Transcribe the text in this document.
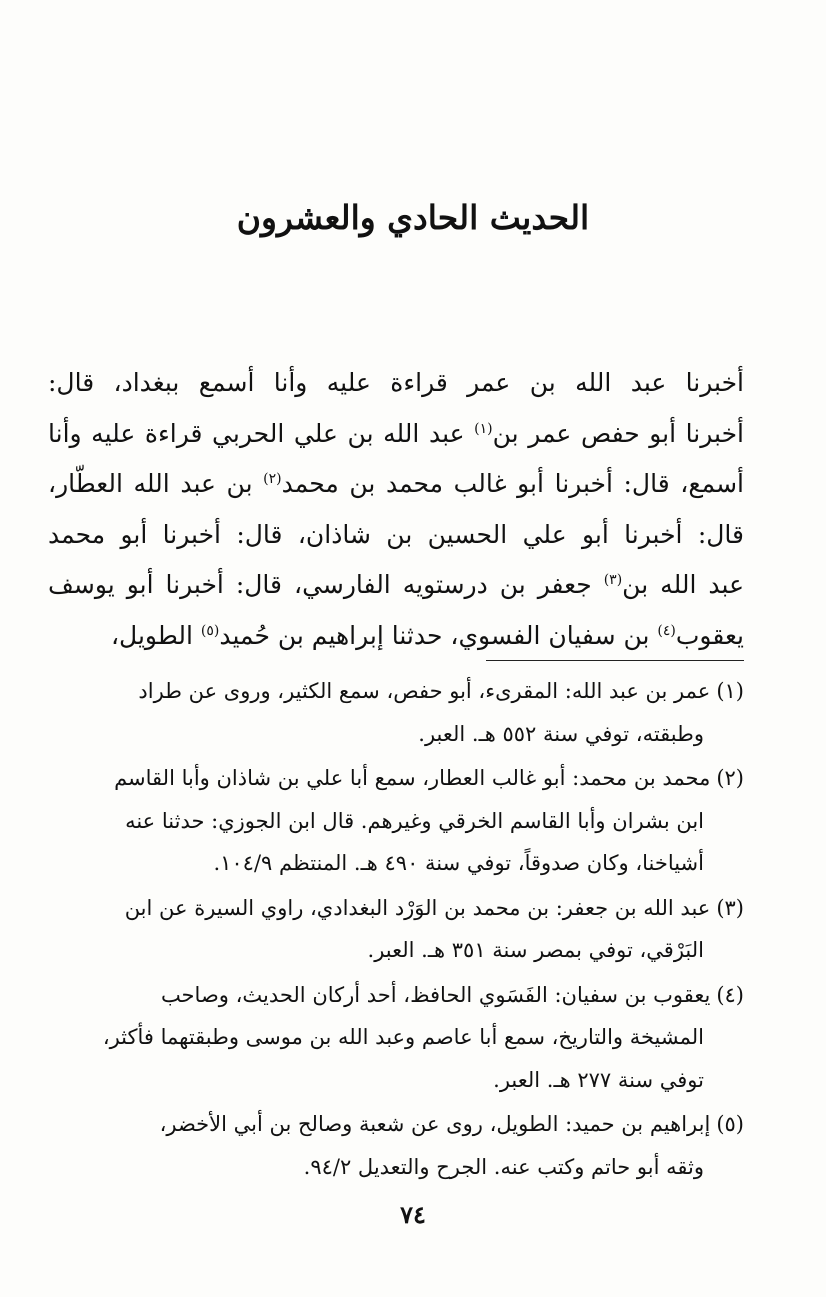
الحديث الحادي والعشرون
أخبرنا عبد الله بن عمر قراءة عليه وأنا أسمع ببغداد، قال:
أخبرنا أبو حفص عمر بن$^{(١)}$ عبد الله بن علي الحربي قراءة عليه وأنا
أسمع، قال: أخبرنا أبو غالب محمد بن محمد$^{(٢)}$ بن عبد الله العطّار،
قال: أخبرنا أبو علي الحسين بن شاذان، قال: أخبرنا أبو محمد
عبد الله بن$^{(٣)}$ جعفر بن درستويه الفارسي، قال: أخبرنا أبو يوسف
يعقوب$^{(٤)}$ بن سفيان الفسوي، حدثنا إبراهيم بن حُميد$^{(٥)}$ الطويل،
(١)عمر بن عبد الله: المقرىء، أبو حفص، سمع الكثير، وروى عن طراد
وطبقته، توفي سنة ٥٥٢ هـ. العبر.
(٢)محمد بن محمد: أبو غالب العطار، سمع أبا علي بن شاذان وأبا القاسم
ابن بشران وأبا القاسم الخرقي وغيرهم. قال ابن الجوزي: حدثنا عنه
أشياخنا، وكان صدوقاً، توفي سنة ٤٩٠ هـ. المنتظم ١٠٤/٩.
(٣)عبد الله بن جعفر: بن محمد بن الوَرْد البغدادي، راوي السيرة عن ابن
البَرْقي، توفي بمصر سنة ٣٥١ هـ. العبر.
(٤)يعقوب بن سفيان: الفَسَوي الحافظ، أحد أركان الحديث، وصاحب
المشيخة والتاريخ، سمع أبا عاصم وعبد الله بن موسى وطبقتهما فأكثر،
توفي سنة ٢٧٧ هـ. العبر.
(٥)إبراهيم بن حميد: الطويل، روى عن شعبة وصالح بن أبي الأخضر،
وثقه أبو حاتم وكتب عنه. الجرح والتعديل ٩٤/٢.
٧٤
